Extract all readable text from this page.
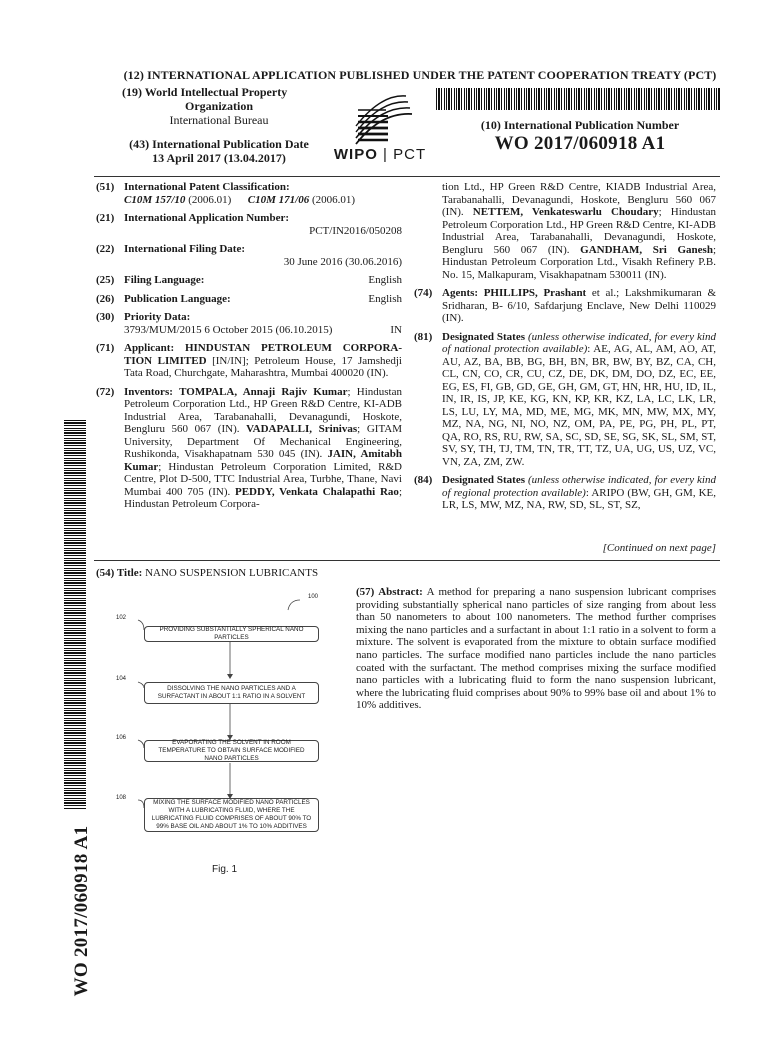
(12) INTERNATIONAL APPLICATION PUBLISHED UNDER THE PATENT COOPERATION TREATY (PCT)
(19) World Intellectual Property
Organization
International Bureau
(43) International Publication Date
13 April 2017 (13.04.2017)	WIPO | PCT
(10) International Publication Number
WO 2017/060918 A1
(51) International Patent Classification:
C10M 157/10 (2006.01) C10M 171/06 (2006.01)
(21) International Application Number:
PCT/IN2016/050208
(22) International Filing Date:
30 June 2016 (30.06.2016)
(25) Filing Language:	English
(26) Publication Language:	English
(30) Priority Data:
3793/MUM/2015 6 October 2015 (06.10.2015)	IN
(71) Applicant: HINDUSTAN PETROLEUM CORPORA-TION LIMITED [IN/IN]; Petroleum House, 17 Jamshedji Tata Road, Churchgate, Maharashtra, Mumbai 400020 (IN).
(72) Inventors: TOMPALA, Annaji Rajiv Kumar; Hindustan Petroleum Corporation Ltd., HP Green R&D Centre, KI-ADB Industrial Area, Tarabanahalli, Devanagundi, Hoskote, Bengluru 560 067 (IN). VADAPALLI, Srinivas; GITAM University, Department Of Mechanical Engineering, Rushikonda, Visakhapatnam 530 045 (IN). JAIN, Amitabh Kumar; Hindustan Petroleum Corporation Limited, R&D Centre, Plot D-500, TTC Industrial Area, Turbhe, Thane, Navi Mumbai 400 705 (IN). PEDDY, Venkata Chalapathi Rao; Hindustan Petroleum Corpora-
tion Ltd., HP Green R&D Centre, KIADB Industrial Area, Tarabanahalli, Devanagundi, Hoskote, Bengluru 560 067 (IN). NETTEM, Venkateswarlu Choudary; Hindustan Petroleum Corporation Ltd., HP Green R&D Centre, KI-ADB Industrial Area, Tarabanahalli, Devanagundi, Hoskote, Bengluru 560 067 (IN). GANDHAM, Sri Ganesh; Hindustan Petroleum Corporation Ltd., Visakh Refinery P.B. No. 15, Malkapuram, Visakhapatnam 530011 (IN).
(74) Agents: PHILLIPS, Prashant et al.; Lakshmikumaran & Sridharan, B- 6/10, Safdarjung Enclave, New Delhi 110029 (IN).
(81) Designated States (unless otherwise indicated, for every kind of national protection available): AE, AG, AL, AM, AO, AT, AU, AZ, BA, BB, BG, BH, BN, BR, BW, BY, BZ, CA, CH, CL, CN, CO, CR, CU, CZ, DE, DK, DM, DO, DZ, EC, EE, EG, ES, FI, GB, GD, GE, GH, GM, GT, HN, HR, HU, ID, IL, IN, IR, IS, JP, KE, KG, KN, KP, KR, KZ, LA, LC, LK, LR, LS, LU, LY, MA, MD, ME, MG, MK, MN, MW, MX, MY, MZ, NA, NG, NI, NO, NZ, OM, PA, PE, PG, PH, PL, PT, QA, RO, RS, RU, RW, SA, SC, SD, SE, SG, SK, SL, SM, ST, SV, SY, TH, TJ, TM, TN, TR, TT, TZ, UA, UG, US, UZ, VC, VN, ZA, ZM, ZW.
(84) Designated States (unless otherwise indicated, for every kind of regional protection available): ARIPO (BW, GH, GM, KE, LR, LS, MW, MZ, NA, RW, SD, SL, ST, SZ,
[Continued on next page]
WO 2017/060918 A1
(54) Title: NANO SUSPENSION LUBRICANTS
100
102
PROVIDING SUBSTANTIALLY SPHERICAL NANO PARTICLES
104
DISSOLVING THE NANO PARTICLES AND A SURFACTANT IN ABOUT 1:1 RATIO IN A SOLVENT
106
EVAPORATING THE SOLVENT IN ROOM TEMPERATURE TO OBTAIN SURFACE MODIFIED NANO PARTICLES
108
MIXING THE SURFACE MODIFIED NANO PARTICLES WITH A LUBRICATING FLUID, WHERE THE LUBRICATING FLUID COMPRISES OF ABOUT 90% TO 99% BASE OIL AND ABOUT 1% TO 10% ADDITIVES
Fig. 1
(57) Abstract: A method for preparing a nano suspension lubricant comprises providing substantially spherical nano particles of size ranging from about less than 50 nanometers to about 100 nanometers. The method further comprises mixing the nano particles and a surfactant in about 1:1 ratio in a solvent to form a mixture. The solvent is evaporated from the mixture to obtain surface modified nano particles. The surface modified nano particles include the nano particles coated with the surfactant. The method comprises mixing the surface modified nano particles with a lubricating fluid to form the nano suspension lubricant, where the lubricating fluid comprises about 90% to 99% base oil and about 1% to 10% additives.
